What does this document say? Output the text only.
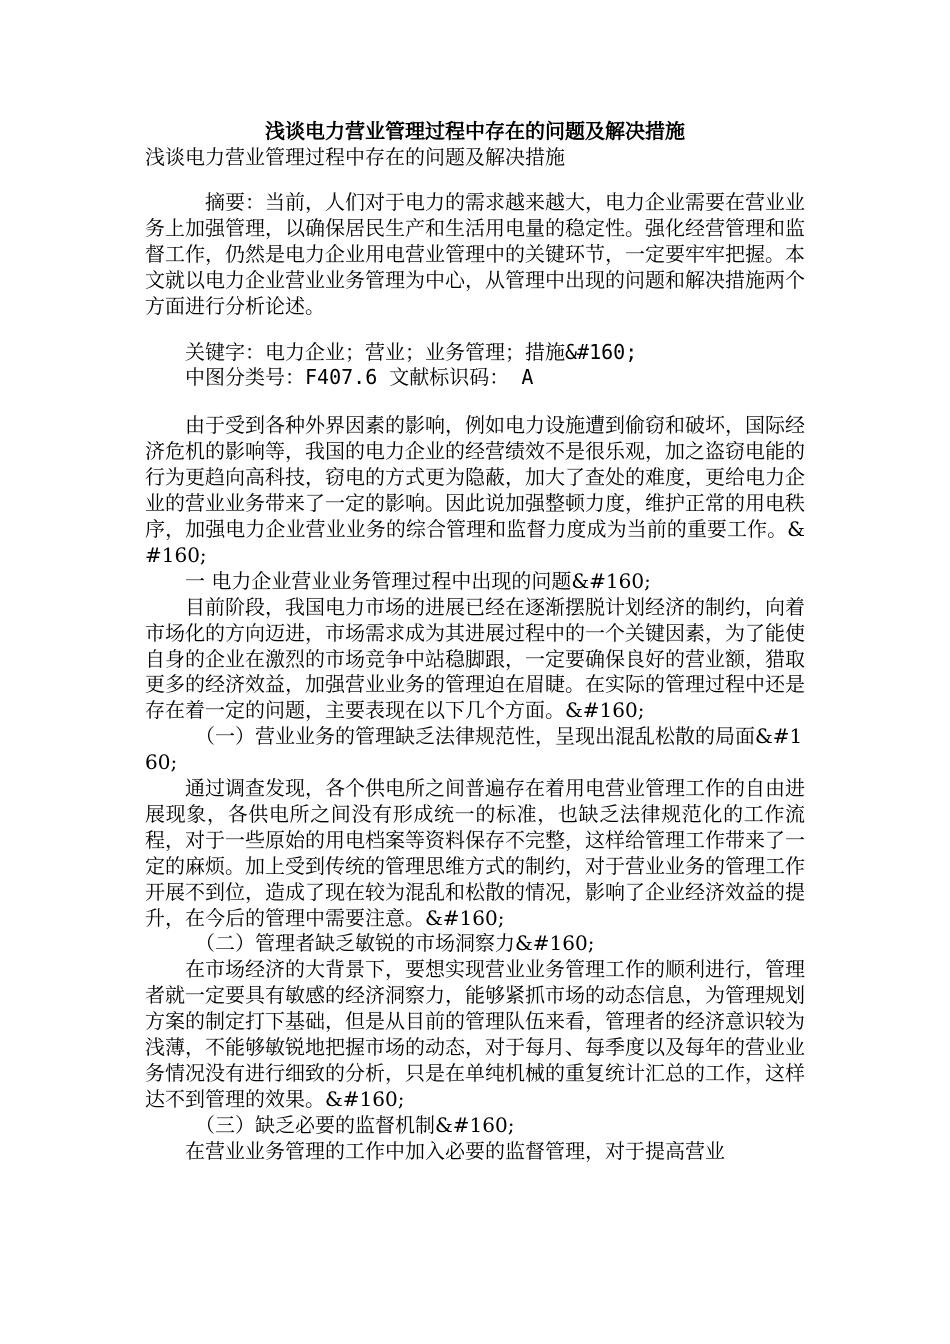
浅谈电力营业管理过程中存在的问题及解决措施

浅谈电力营业管理过程中存在的问题及解决措施

摘要：当前，人们对于电力的需求越来越大，电力企业需要在营业业务上加强管理，以确保居民生产和生活用电量的稳定性。强化经营管理和监督工作，仍然是电力企业用电营业管理中的关键环节，一定要牢牢把握。本文就以电力企业营业业务管理为中心，从管理中出现的问题和解决措施两个方面进行分析论述。

关键字：电力企业；营业；业务管理；措施&#160;

中图分类号：F407.6 文献标识码： A

由于受到各种外界因素的影响，例如电力设施遭到偷窃和破坏，国际经济危机的影响等，我国的电力企业的经营绩效不是很乐观，加之盗窃电能的行为更趋向高科技，窃电的方式更为隐蔽，加大了查处的难度，更给电力企业的营业业务带来了一定的影响。因此说加强整顿力度，维护正常的用电秩序，加强电力企业营业业务的综合管理和监督力度成为当前的重要工作。&#160;

一 电力企业营业业务管理过程中出现的问题&#160;

目前阶段，我国电力市场的进展已经在逐渐摆脱计划经济的制约，向着市场化的方向迈进，市场需求成为其进展过程中的一个关键因素，为了能使自身的企业在激烈的市场竞争中站稳脚跟，一定要确保良好的营业额，猎取更多的经济效益，加强营业业务的管理迫在眉睫。在实际的管理过程中还是存在着一定的问题，主要表现在以下几个方面。&#160;

（一）营业业务的管理缺乏法律规范性，呈现出混乱松散的局面&#160;

通过调查发现，各个供电所之间普遍存在着用电营业管理工作的自由进展现象，各供电所之间没有形成统一的标准，也缺乏法律规范化的工作流程，对于一些原始的用电档案等资料保存不完整，这样给管理工作带来了一定的麻烦。加上受到传统的管理思维方式的制约，对于营业业务的管理工作开展不到位，造成了现在较为混乱和松散的情况，影响了企业经济效益的提升，在今后的管理中需要注意。&#160;

（二）管理者缺乏敏锐的市场洞察力&#160;

在市场经济的大背景下，要想实现营业业务管理工作的顺利进行，管理者就一定要具有敏感的经济洞察力，能够紧抓市场的动态信息，为管理规划方案的制定打下基础，但是从目前的管理队伍来看，管理者的经济意识较为浅薄，不能够敏锐地把握市场的动态，对于每月、每季度以及每年的营业业务情况没有进行细致的分析，只是在单纯机械的重复统计汇总的工作，这样达不到管理的效果。&#160;

（三）缺乏必要的监督机制&#160;

在营业业务管理的工作中加入必要的监督管理，对于提高营业
